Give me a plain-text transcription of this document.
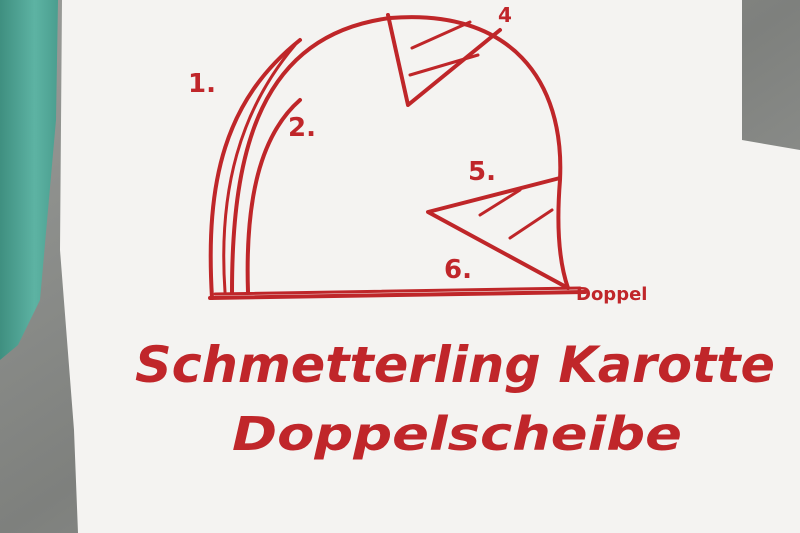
1.
2.
4
5.
6.
Doppel
Schmetterling Karotte
Doppelscheibe
